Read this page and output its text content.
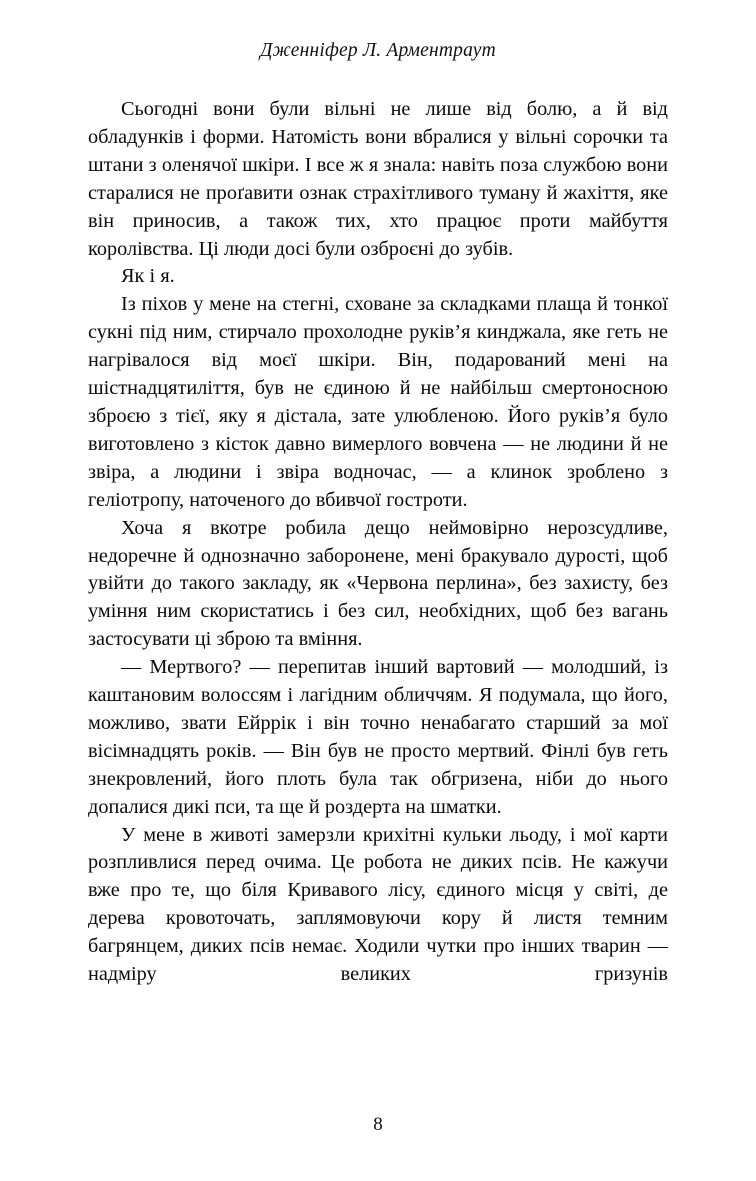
Дженніфер Л. Арментраут

Сьогодні вони були вільні не лише від болю, а й від обладунків і форми. Натомість вони вбралися у вільні сорочки та штани з оленячої шкіри. І все ж я знала: навіть поза службою вони старалися не проґавити ознак страхітливого туману й жахіття, яке він приносив, а також тих, хто працює проти майбуття королівства. Ці люди досі були озброєні до зубів.

Як і я.

Із піхов у мене на стегні, сховане за складками плаща й тонкої сукні під ним, стирчало прохолодне руків’я кинджала, яке геть не нагрівалося від моєї шкіри. Він, подарований мені на шістнадцятиліття, був не єдиною й не найбільш смертоносною зброєю з тієї, яку я дістала, зате улюбленою. Його руків’я було виготовлено з кісток давно вимерлого вовчена — не людини й не звіра, а людини і звіра водночас, — а клинок зроблено з геліотропу, наточеного до вбивчої гостроти.

Хоча я вкотре робила дещо неймовірно нерозсудливе, недоречне й однозначно заборонене, мені бракувало дурості, щоб увійти до такого закладу, як «Червона перлина», без захисту, без уміння ним скористатись і без сил, необхідних, щоб без вагань застосувати ці зброю та вміння.

— Мертвого? — перепитав інший вартовий — молодший, із каштановим волоссям і лагідним обличчям. Я подумала, що його, можливо, звати Ейррік і він точно ненабагато старший за мої вісімнадцять років. — Він був не просто мертвий. Фінлі був геть знекровлений, його плоть була так обгризена, ніби до нього допалися дикі пси, та ще й роздерта на шматки.

У мене в животі замерзли крихітні кульки льоду, і мої карти розпливлися перед очима. Це робота не диких псів. Не кажучи вже про те, що біля Кривавого лісу, єдиного місця у світі, де дерева кровоточать, заплямовуючи кору й листя темним багрянцем, диких псів немає. Ходили чутки про інших тварин — надміру великих гризунів

8
